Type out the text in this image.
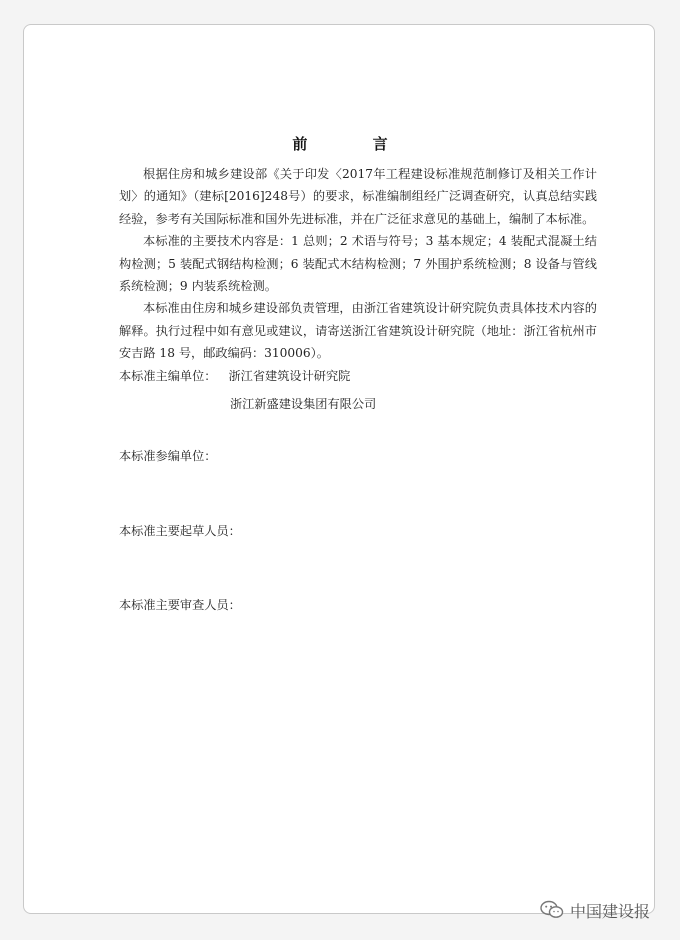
前 言

根据住房和城乡建设部《关于印发〈2017年工程建设标准规范制修订及相关工作计划〉的通知》（建标[2016]248号）的要求，标准编制组经广泛调查研究，认真总结实践经验，参考有关国际标准和国外先进标准，并在广泛征求意见的基础上，编制了本标准。

本标准的主要技术内容是：1 总则；2 术语与符号；3 基本规定；4 装配式混凝土结构检测；5 装配式钢结构检测；6 装配式木结构检测；7 外围护系统检测；8 设备与管线系统检测；9 内装系统检测。

本标准由住房和城乡建设部负责管理，由浙江省建筑设计研究院负责具体技术内容的解释。执行过程中如有意见或建议，请寄送浙江省建筑设计研究院（地址：浙江省杭州市安吉路 18 号，邮政编码：310006）。

本标准主编单位： 浙江省建筑设计研究院

浙江新盛建设集团有限公司

本标准参编单位：

本标准主要起草人员：

本标准主要审查人员：

中国建设报
